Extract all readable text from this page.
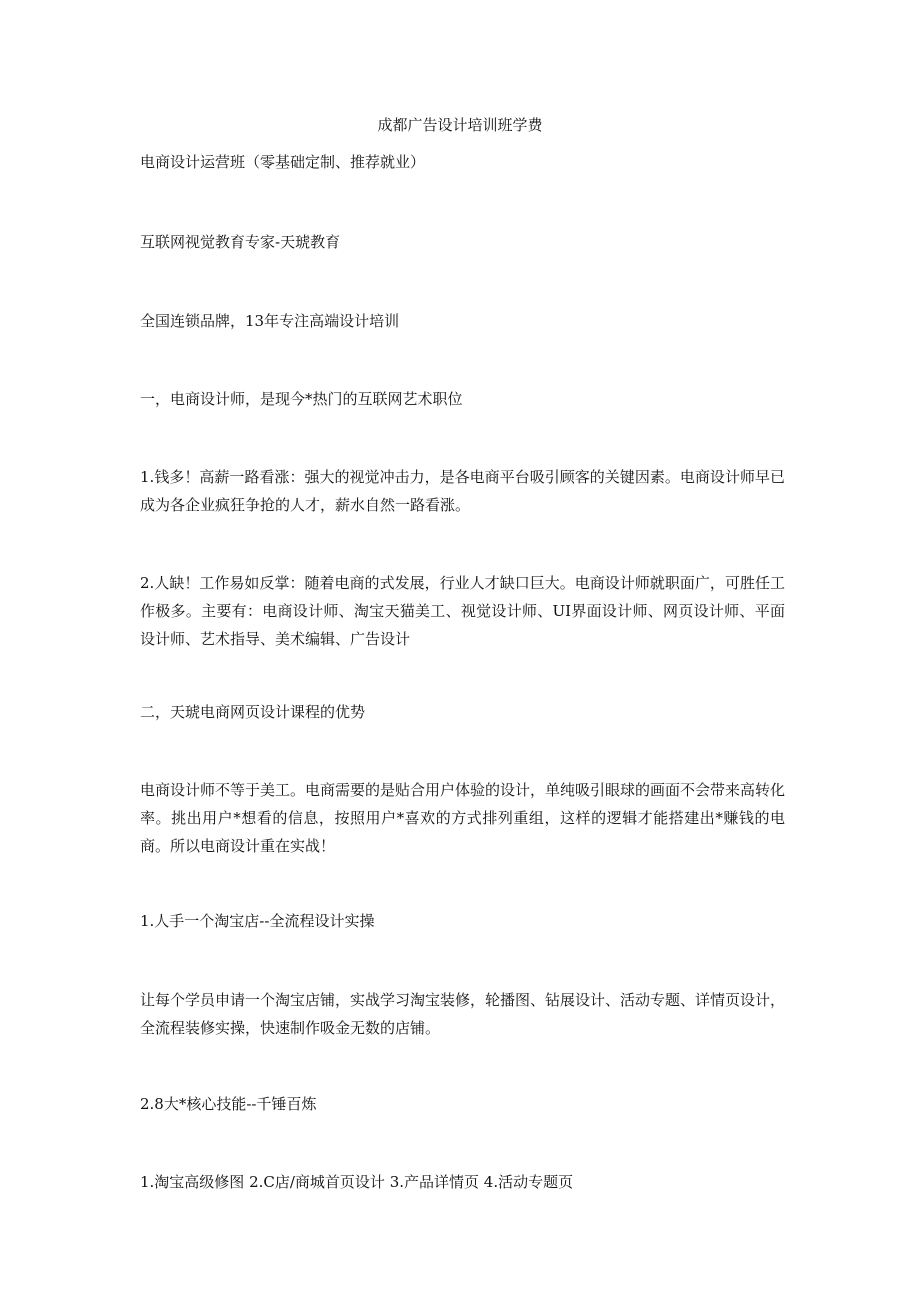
成都广告设计培训班学费

电商设计运营班（零基础定制、推荐就业）

互联网视觉教育专家-天琥教育

全国连锁品牌，13年专注高端设计培训

一，电商设计师，是现今*热门的互联网艺术职位

1.钱多！高薪一路看涨：强大的视觉冲击力，是各电商平台吸引顾客的关键因素。电商设计师早已成为各企业疯狂争抢的人才，薪水自然一路看涨。

2.人缺！工作易如反掌：随着电商的式发展，行业人才缺口巨大。电商设计师就职面广，可胜任工作极多。主要有：电商设计师、淘宝天猫美工、视觉设计师、UI界面设计师、网页设计师、平面设计师、艺术指导、美术编辑、广告设计

二，天琥电商网页设计课程的优势

电商设计师不等于美工。电商需要的是贴合用户体验的设计，单纯吸引眼球的画面不会带来高转化率。挑出用户*想看的信息，按照用户*喜欢的方式排列重组，这样的逻辑才能搭建出*赚钱的电商。所以电商设计重在实战！

1.人手一个淘宝店--全流程设计实操

让每个学员申请一个淘宝店铺，实战学习淘宝装修，轮播图、钻展设计、活动专题、详情页设计，全流程装修实操，快速制作吸金无数的店铺。

2.8大*核心技能--千锤百炼

1.淘宝高级修图 2.C店/商城首页设计 3.产品详情页 4.活动专题页
